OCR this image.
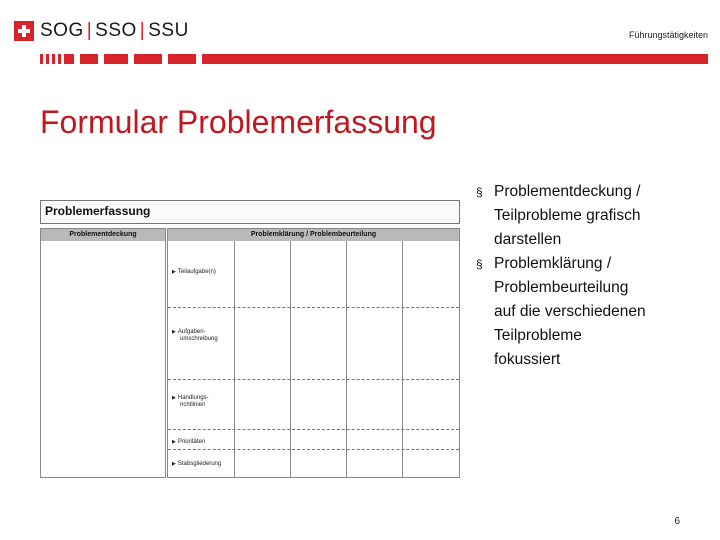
SOG | SSO | SSU	Führungstätigkeiten
Formular Problemerfassung
Problemerfassung
Problementdeckung	Problemklärung / Problembeurteilung
▶ Teilaufgabe(n)
▶ Aufgaben-
umschreibung
▶ Handlungs-
richtlinien
▶ Prioritäten
▶ Stabsgliederung
§ Problementdeckung /
Teilprobleme grafisch
darstellen
§ Problemklärung /
Problembeurteilung
auf die verschiedenen
Teilprobleme
fokussiert
6
